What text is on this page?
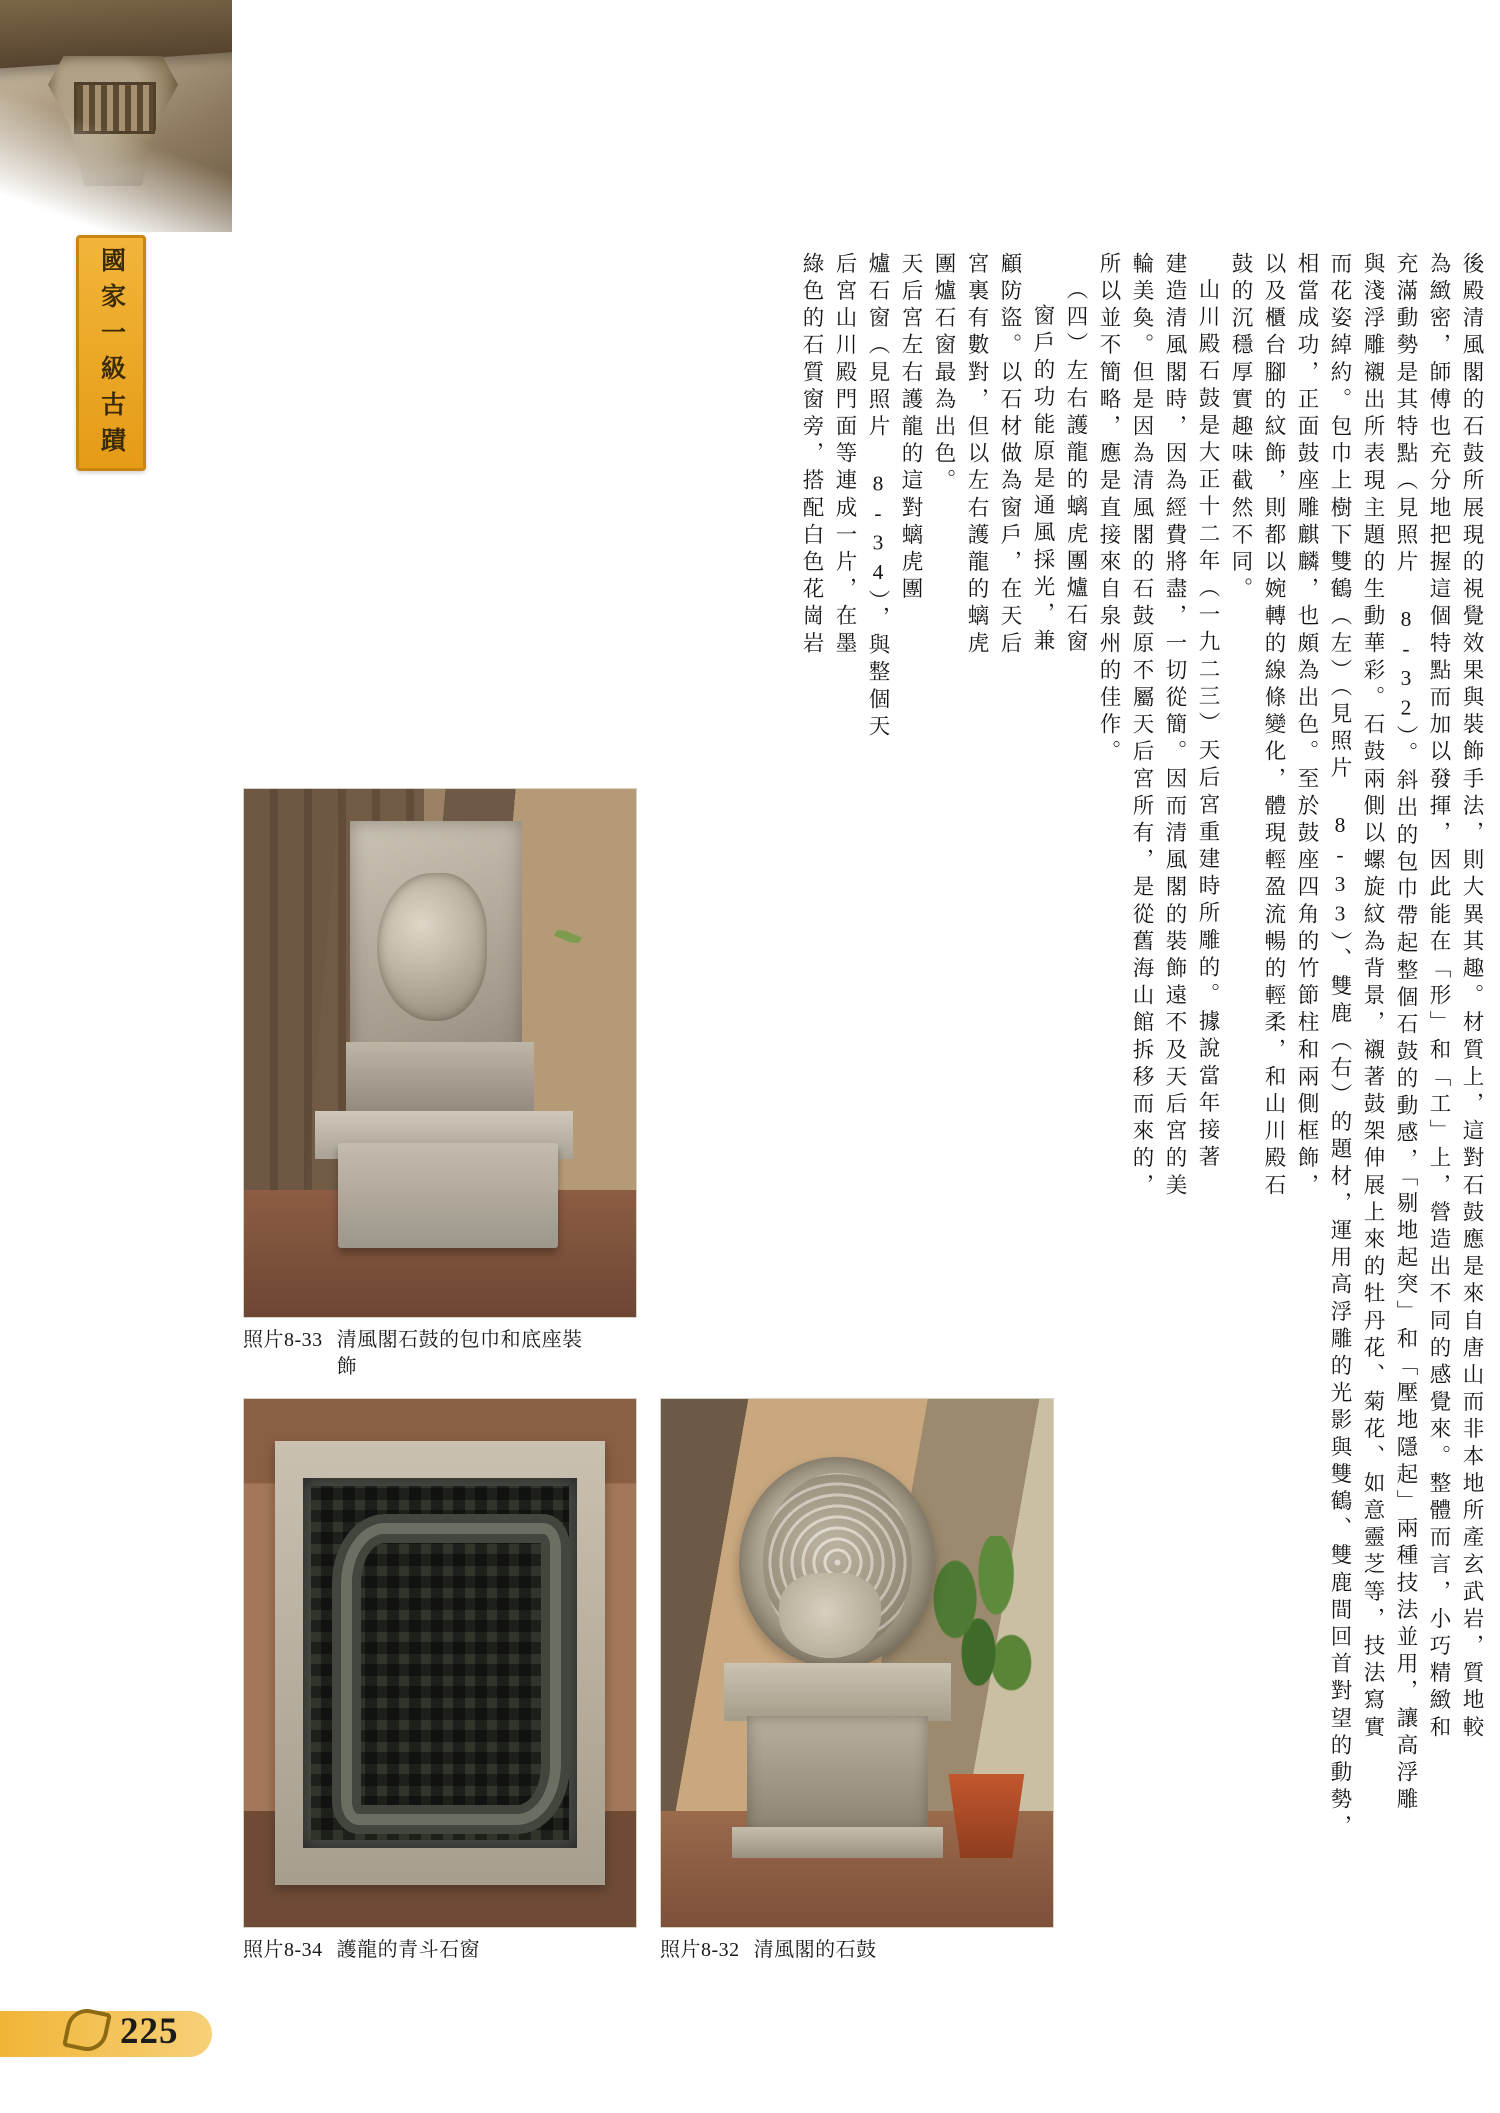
國家一級古蹟	後殿清風閣的石鼓所展現的視覺效果與裝飾手法，則大異其趣。材質上，這對石鼓應是來自唐山而非本地所產玄武岩，質地較
為緻密，師傅也充分地把握這個特點而加以發揮，因此能在「形」和「工」上，營造出不同的感覺來。整體而言，小巧精緻和
充滿動勢是其特點（見照片 8-32）。斜出的包巾帶起整個石鼓的動感，「剔地起突」和「壓地隱起」兩種技法並用，讓高浮雕
與淺浮雕襯出所表現主題的生動華彩。石鼓兩側以螺旋紋為背景，襯著鼓架伸展上來的牡丹花、菊花、如意靈芝等，技法寫實
而花姿綽約。包巾上樹下雙鶴（左）（見照片 8-33）、雙鹿（右）的題材，運用高浮雕的光影與雙鶴、雙鹿間回首對望的動勢，
相當成功，正面鼓座雕麒麟，也頗為出色。至於鼓座四角的竹節柱和兩側框飾，
以及櫃台腳的紋飾，則都以婉轉的線條變化，體現輕盈流暢的輕柔，和山川殿石
鼓的沉穩厚實趣味截然不同。
山川殿石鼓是大正十二年（一九二三）天后宮重建時所雕的。據說當年接著
建造清風閣時，因為經費將盡，一切從簡。因而清風閣的裝飾遠不及天后宮的美
輪美奐。但是因為清風閣的石鼓原不屬天后宮所有，是從舊海山館拆移而來的，
所以並不簡略，應是直接來自泉州的佳作。
（四）左右護龍的螭虎團爐石窗
窗戶的功能原是通風採光，兼
顧防盜。以石材做為窗戶，在天后
宮裏有數對，但以左右護龍的螭虎
團爐石窗最為出色。
天后宮左右護龍的這對螭虎團
爐石窗（見照片 8-34），與整個天
后宮山川殿門面等連成一片，在墨
綠色的石質窗旁，搭配白色花崗岩
照片8-33 清風閣石鼓的包巾和底座裝飾
照片8-34 護龍的青斗石窗	照片8-32 清風閣的石鼓
225
